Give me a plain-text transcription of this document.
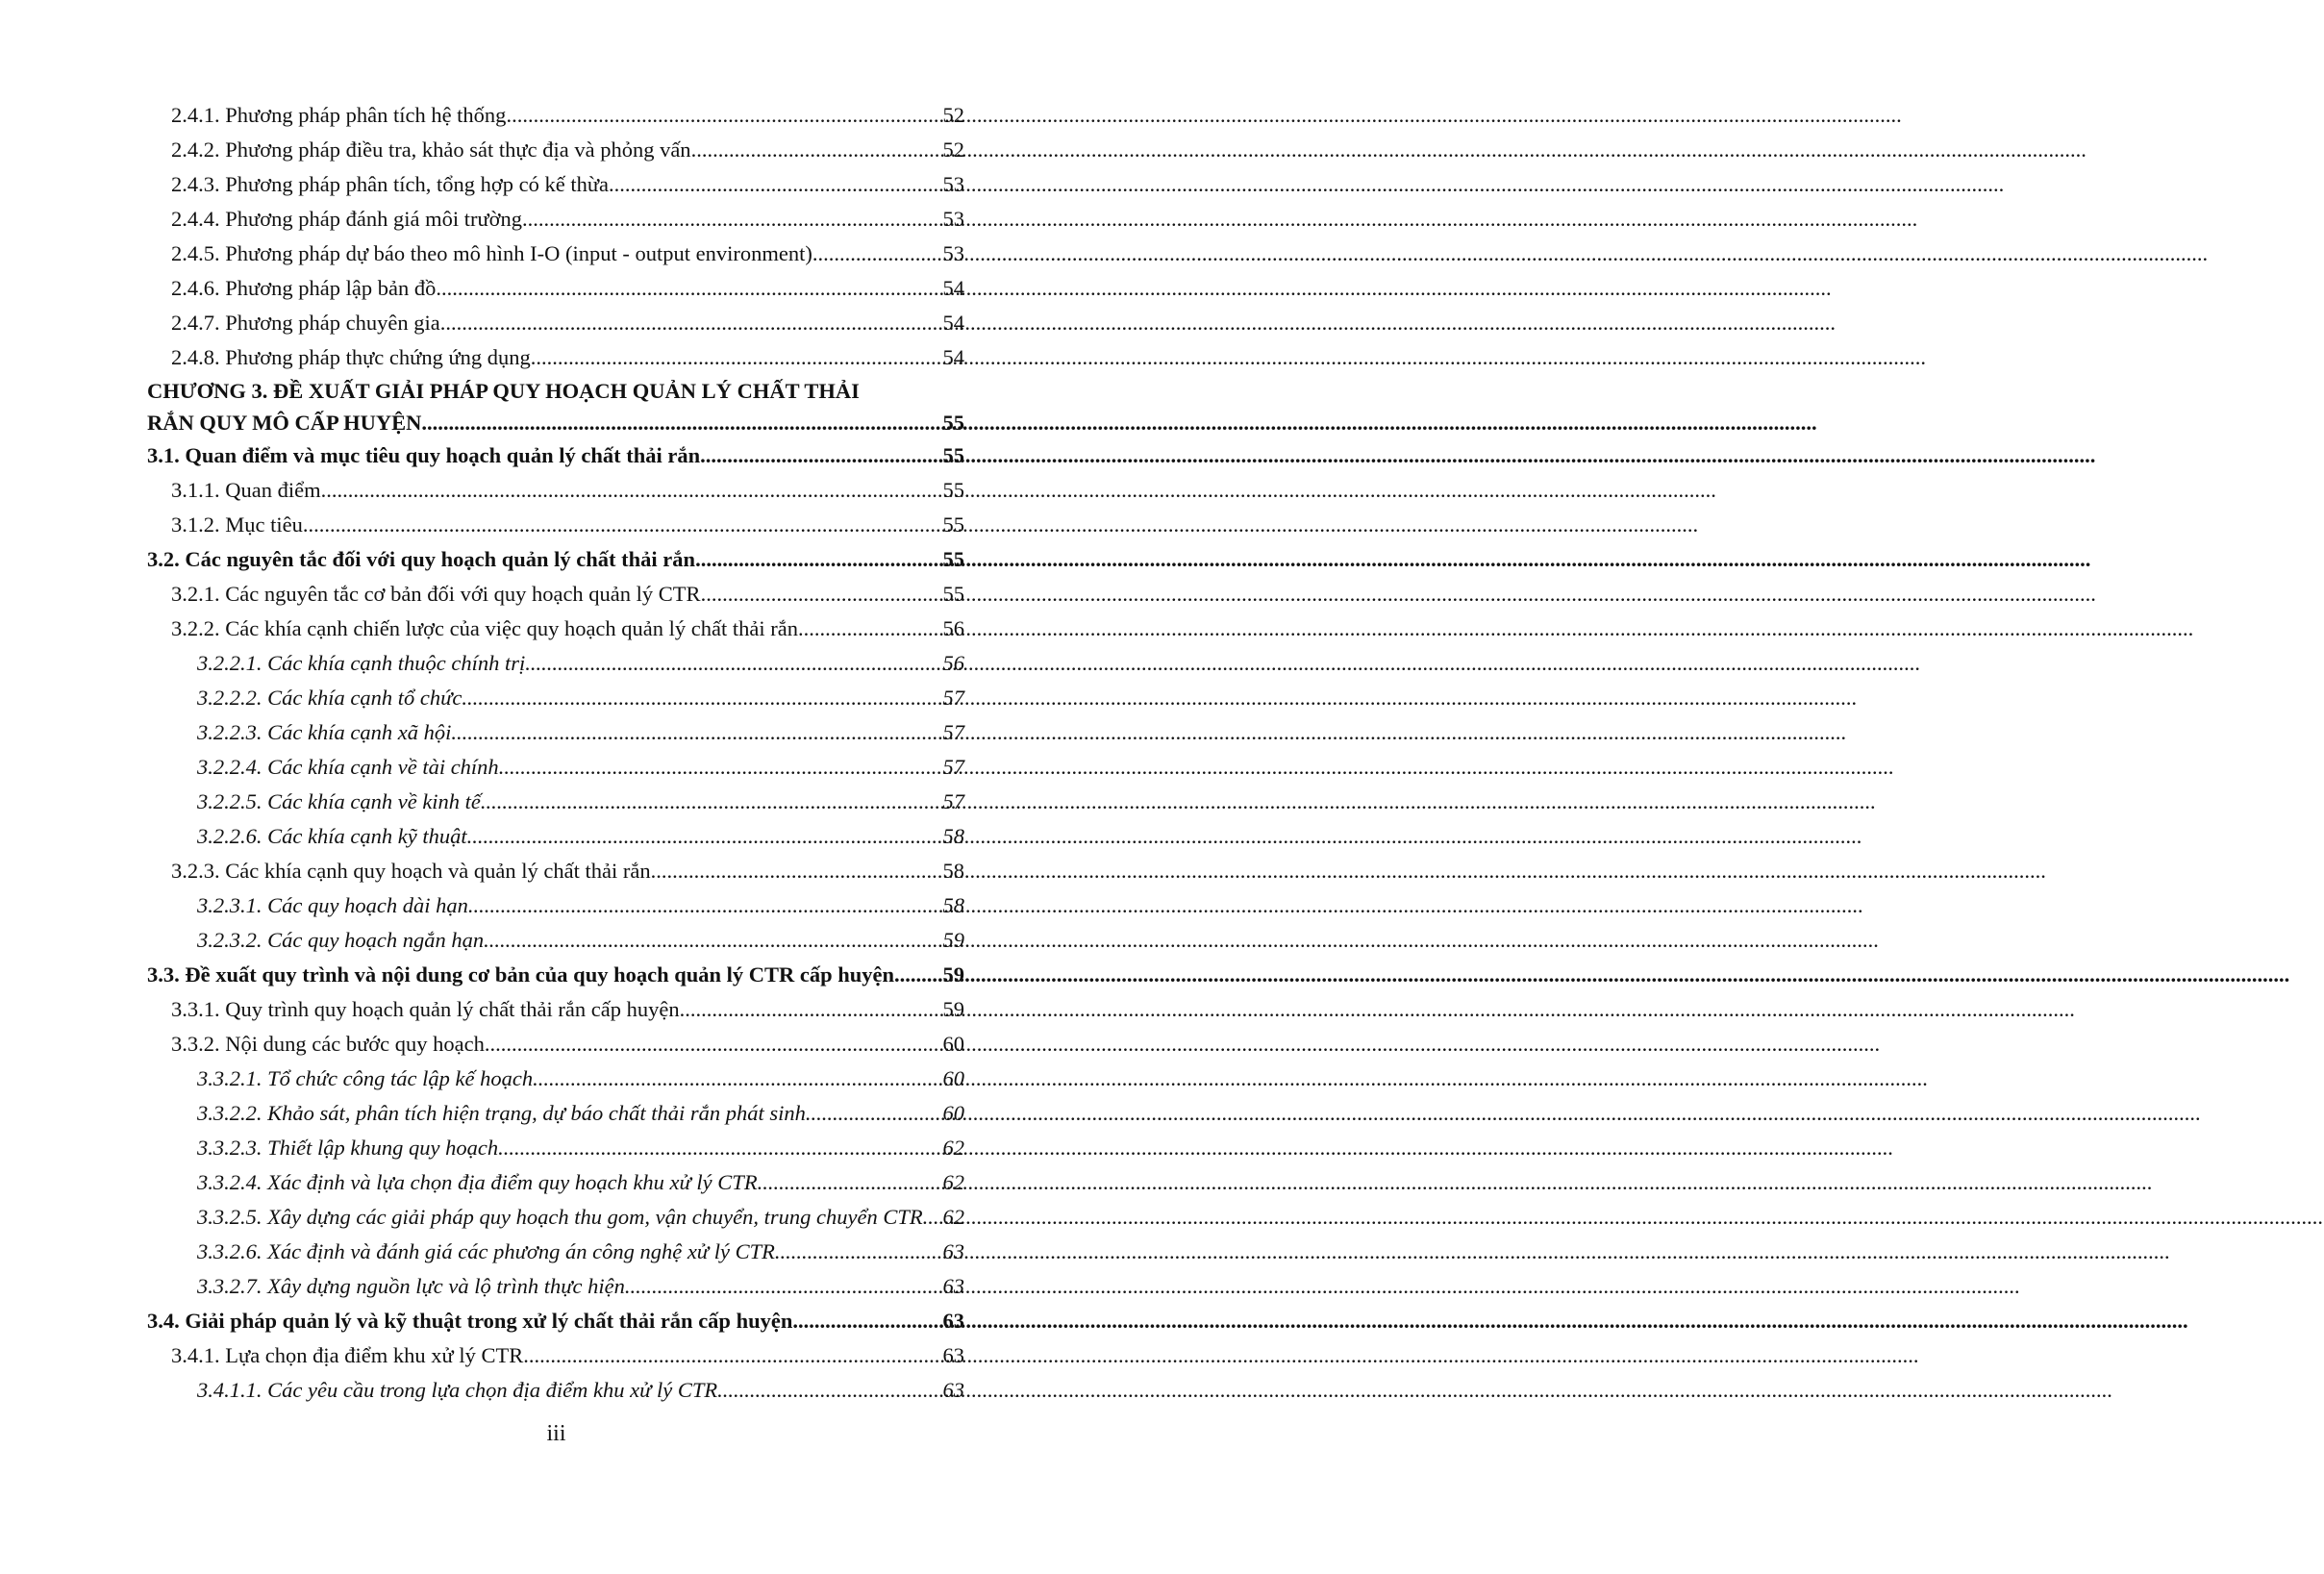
2.4.1. Phương pháp phân tích hệ thống .....	52
2.4.2. Phương pháp điều tra, khảo sát thực địa và phỏng vấn .....	52
2.4.3. Phương pháp phân tích, tổng hợp có kế thừa .....	53
2.4.4. Phương pháp đánh giá môi trường .....	53
2.4.5. Phương pháp dự báo theo mô hình I-O (input - output environment) .....	53
2.4.6. Phương pháp lập bản đồ .....	54
2.4.7. Phương pháp chuyên gia .....	54
2.4.8. Phương pháp thực chứng ứng dụng .....	54
CHƯƠNG 3. ĐỀ XUẤT GIẢI PHÁP QUY HOẠCH QUẢN LÝ CHẤT THẢI
RẮN QUY MÔ CẤP HUYỆN .....	55
3.1. Quan điểm và mục tiêu quy hoạch quản lý chất thải rắn .....	55
3.1.1. Quan điểm .....	55
3.1.2. Mục tiêu .....	55
3.2. Các nguyên tắc đối với quy hoạch quản lý chất thải rắn .....	55
3.2.1. Các nguyên tắc cơ bản đối với quy hoạch quản lý CTR .....	55
3.2.2. Các khía cạnh chiến lược của việc quy hoạch quản lý chất thải rắn .....	56
3.2.2.1. Các khía cạnh thuộc chính trị .....	56
3.2.2.2. Các khía cạnh tổ chức .....	57
3.2.2.3. Các khía cạnh xã hội .....	57
3.2.2.4. Các khía cạnh về tài chính .....	57
3.2.2.5. Các khía cạnh về kinh tế .....	57
3.2.2.6. Các khía cạnh kỹ thuật .....	58
3.2.3. Các khía cạnh quy hoạch và quản lý chất thải rắn .....	58
3.2.3.1. Các quy hoạch dài hạn .....	58
3.2.3.2. Các quy hoạch ngắn hạn .....	59
3.3. Đề xuất quy trình và nội dung cơ bản của quy hoạch quản lý CTR cấp huyện ..... 59
3.3.1. Quy trình quy hoạch quản lý chất thải rắn cấp huyện .....	59
3.3.2. Nội dung các bước quy hoạch .....	60
3.3.2.1. Tổ chức công tác lập kế hoạch .....	60
3.3.2.2. Khảo sát, phân tích hiện trạng, dự báo chất thải rắn phát sinh .....	60
3.3.2.3. Thiết lập khung quy hoạch .....	62
3.3.2.4. Xác định và lựa chọn địa điểm quy hoạch khu xử lý CTR .....	62
3.3.2.5. Xây dựng các giải pháp quy hoạch thu gom, vận chuyển, trung chuyển CTR. ..... 62
3.3.2.6. Xác định và đánh giá các phương án công nghệ xử lý CTR .....	63
3.3.2.7. Xây dựng nguồn lực và lộ trình thực hiện .....	63
3.4. Giải pháp quản lý và kỹ thuật trong xử lý chất thải rắn cấp huyện .....	63
3.4.1. Lựa chọn địa điểm khu xử lý CTR .....	63
3.4.1.1. Các yêu cầu trong lựa chọn địa điểm khu xử lý CTR .....	63
iii
